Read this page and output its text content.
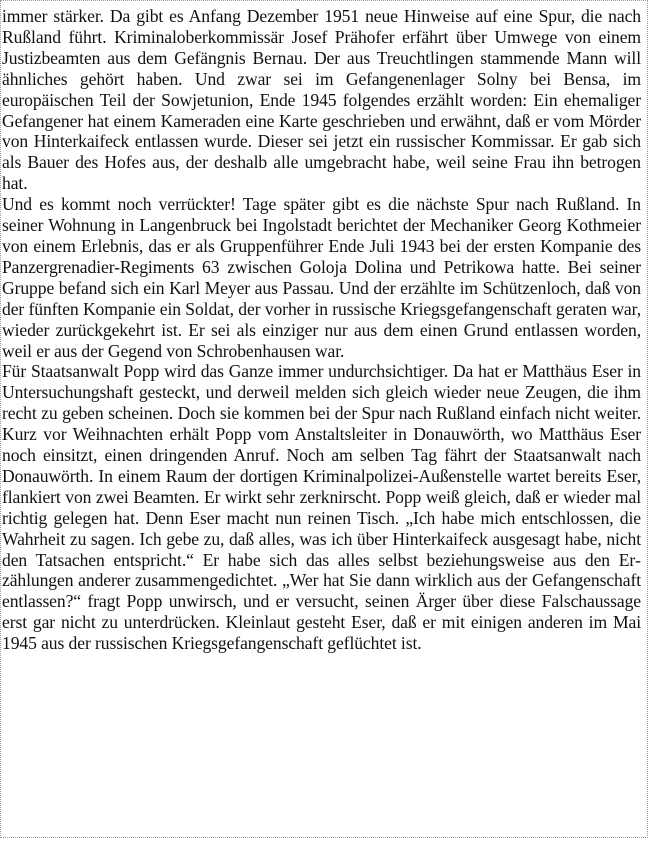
immer stärker. Da gibt es Anfang Dezember 1951 neue Hinweise auf eine Spur, die nach Rußland führt. Kriminaloberkommissär Josef Prähofer erfährt über Umwege von einem Justizbeamten aus dem Gefängnis Bernau. Der aus Treuchtlingen stammende Mann will ähnliches gehört haben. Und zwar sei im Gefangenenlager Solny bei Bensa, im europäischen Teil der Sowjetunion, Ende 1945 folgendes erzählt worden: Ein ehemaliger Gefangener hat einem Kameraden eine Karte geschrieben und erwähnt, daß er vom Mörder von Hinterkaifeck entlassen wurde. Dieser sei jetzt ein russischer Kommissar. Er gab sich als Bauer des Hofes aus, der deshalb alle umgebracht habe, weil seine Frau ihn betrogen hat.

Und es kommt noch verrückter! Tage später gibt es die nächste Spur nach Rußland. In seiner Wohnung in Langenbruck bei Ingolstadt berichtet der Mechaniker Georg Kothmeier von einem Erlebnis, das er als Gruppenführer Ende Juli 1943 bei der ersten Kompanie des Panzergrenadier-Regiments 63 zwischen Goloja Dolina und Petrikowa hatte. Bei seiner Gruppe befand sich ein Karl Meyer aus Passau. Und der erzählte im Schützenloch, daß von der fünften Kompanie ein Soldat, der vorher in russische Kriegsgefangenschaft geraten war, wieder zurückgekehrt ist. Er sei als einziger nur aus dem einen Grund entlassen worden, weil er aus der Gegend von Schrobenhausen war.

Für Staatsanwalt Popp wird das Ganze immer undurchsichtiger. Da hat er Matthäus Eser in Untersuchungshaft gesteckt, und derweil melden sich gleich wieder neue Zeugen, die ihm recht zu geben scheinen. Doch sie kommen bei der Spur nach Rußland einfach nicht weiter. Kurz vor Weihnachten erhält Popp vom Anstaltsleiter in Donauwörth, wo Matthäus Eser noch einsitzt, einen dringenden Anruf. Noch am selben Tag fährt der Staatsanwalt nach Donauwörth. In einem Raum der dortigen Kriminalpolizei-Außenstelle wartet bereits Eser, flankiert von zwei Beamten. Er wirkt sehr zerknirscht. Popp weiß gleich, daß er wieder mal richtig gelegen hat. Denn Eser macht nun reinen Tisch. „Ich habe mich entschlossen, die Wahrheit zu sagen. Ich gebe zu, daß alles, was ich über Hinterkaifeck ausgesagt habe, nicht den Tatsachen entspricht.“ Er habe sich das alles selbst beziehungsweise aus den Erzählungen anderer zusammengedichtet. „Wer hat Sie dann wirklich aus der Gefangenschaft entlassen?“ fragt Popp unwirsch, und er versucht, seinen Ärger über diese Falschaussage erst gar nicht zu unterdrücken. Kleinlaut gesteht Eser, daß er mit einigen anderen im Mai 1945 aus der russischen Kriegsgefangenschaft geflüchtet ist.
